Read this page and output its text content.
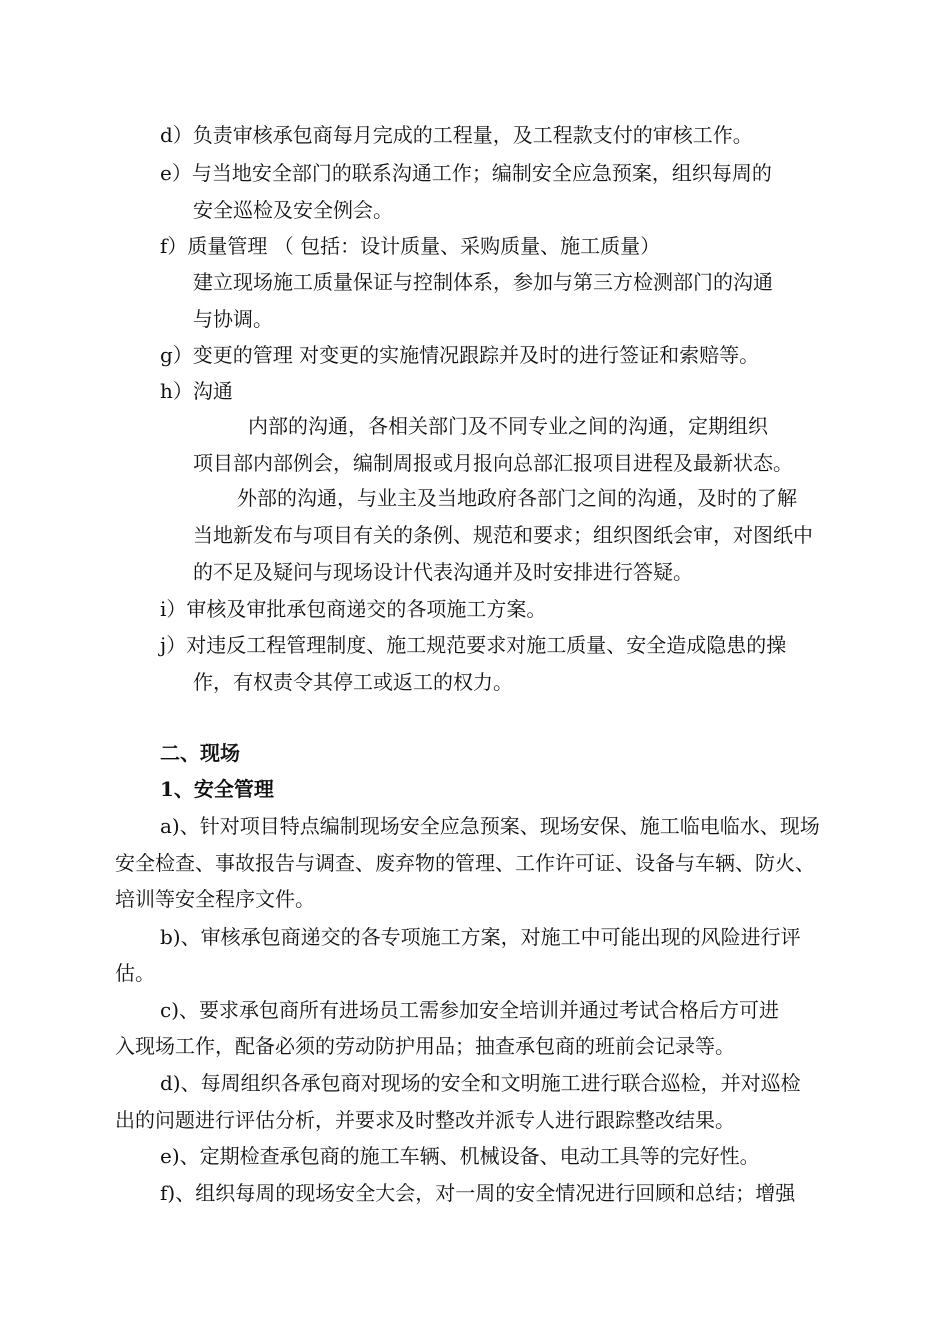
d）负责审核承包商每月完成的工程量，及工程款支付的审核工作。
e）与当地安全部门的联系沟通工作；编制安全应急预案，组织每周的
安全巡检及安全例会。
f）质量管理 （ 包括：设计质量、采购质量、施工质量）
建立现场施工质量保证与控制体系，参加与第三方检测部门的沟通
与协调。
g）变更的管理 对变更的实施情况跟踪并及时的进行签证和索赔等。
h）沟通
内部的沟通，各相关部门及不同专业之间的沟通，定期组织
项目部内部例会，编制周报或月报向总部汇报项目进程及最新状态。
外部的沟通，与业主及当地政府各部门之间的沟通，及时的了解
当地新发布与项目有关的条例、规范和要求；组织图纸会审，对图纸中
的不足及疑问与现场设计代表沟通并及时安排进行答疑。
i）审核及审批承包商递交的各项施工方案。
j）对违反工程管理制度、施工规范要求对施工质量、安全造成隐患的操
作，有权责令其停工或返工的权力。
二、现场
1、安全管理
a)、针对项目特点编制现场安全应急预案、现场安保、施工临电临水、现场
安全检查、事故报告与调查、废弃物的管理、工作许可证、设备与车辆、防火、
培训等安全程序文件。
b)、审核承包商递交的各专项施工方案，对施工中可能出现的风险进行评
估。
c)、要求承包商所有进场员工需参加安全培训并通过考试合格后方可进
入现场工作，配备必须的劳动防护用品；抽查承包商的班前会记录等。
d)、每周组织各承包商对现场的安全和文明施工进行联合巡检，并对巡检
出的问题进行评估分析，并要求及时整改并派专人进行跟踪整改结果。
e)、定期检查承包商的施工车辆、机械设备、电动工具等的完好性。
f)、组织每周的现场安全大会，对一周的安全情况进行回顾和总结；增强
